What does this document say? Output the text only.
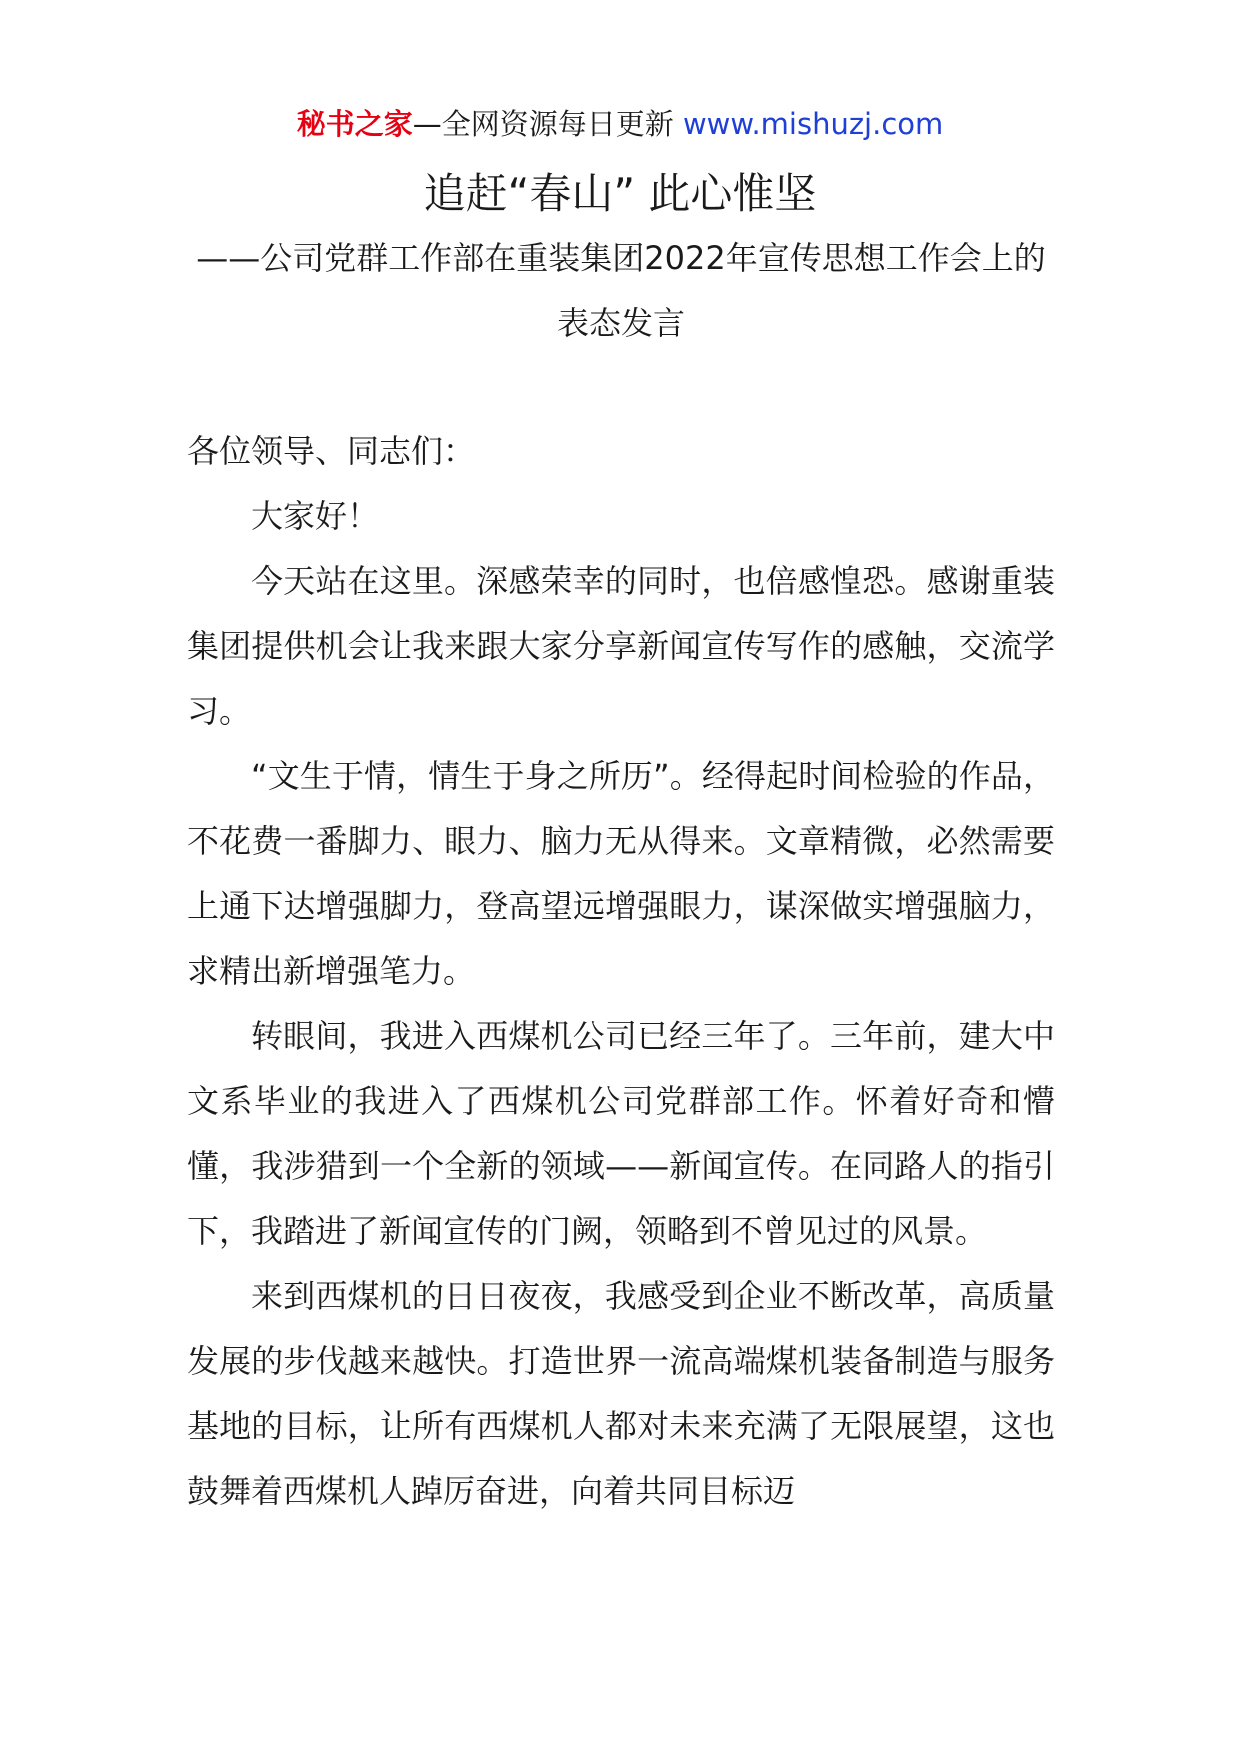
秘书之家—全网资源每日更新 www.mishuzj.com
追赶“春山” 此心惟坚
——公司党群工作部在重装集团2022年宣传思想工作会上的表态发言

各位领导、同志们：

大家好！

今天站在这里。深感荣幸的同时，也倍感惶恐。感谢重装集团提供机会让我来跟大家分享新闻宣传写作的感触，交流学习。

“文生于情，情生于身之所历”。经得起时间检验的作品，不花费一番脚力、眼力、脑力无从得来。文章精微，必然需要上通下达增强脚力，登高望远增强眼力，谋深做实增强脑力，求精出新增强笔力。

转眼间，我进入西煤机公司已经三年了。三年前，建大中文系毕业的我进入了西煤机公司党群部工作。怀着好奇和懵懂，我涉猎到一个全新的领域——新闻宣传。在同路人的指引下，我踏进了新闻宣传的门阙，领略到不曾见过的风景。

来到西煤机的日日夜夜，我感受到企业不断改革，高质量发展的步伐越来越快。打造世界一流高端煤机装备制造与服务基地的目标，让所有西煤机人都对未来充满了无限展望，这也鼓舞着西煤机人踔厉奋进，向着共同目标迈
